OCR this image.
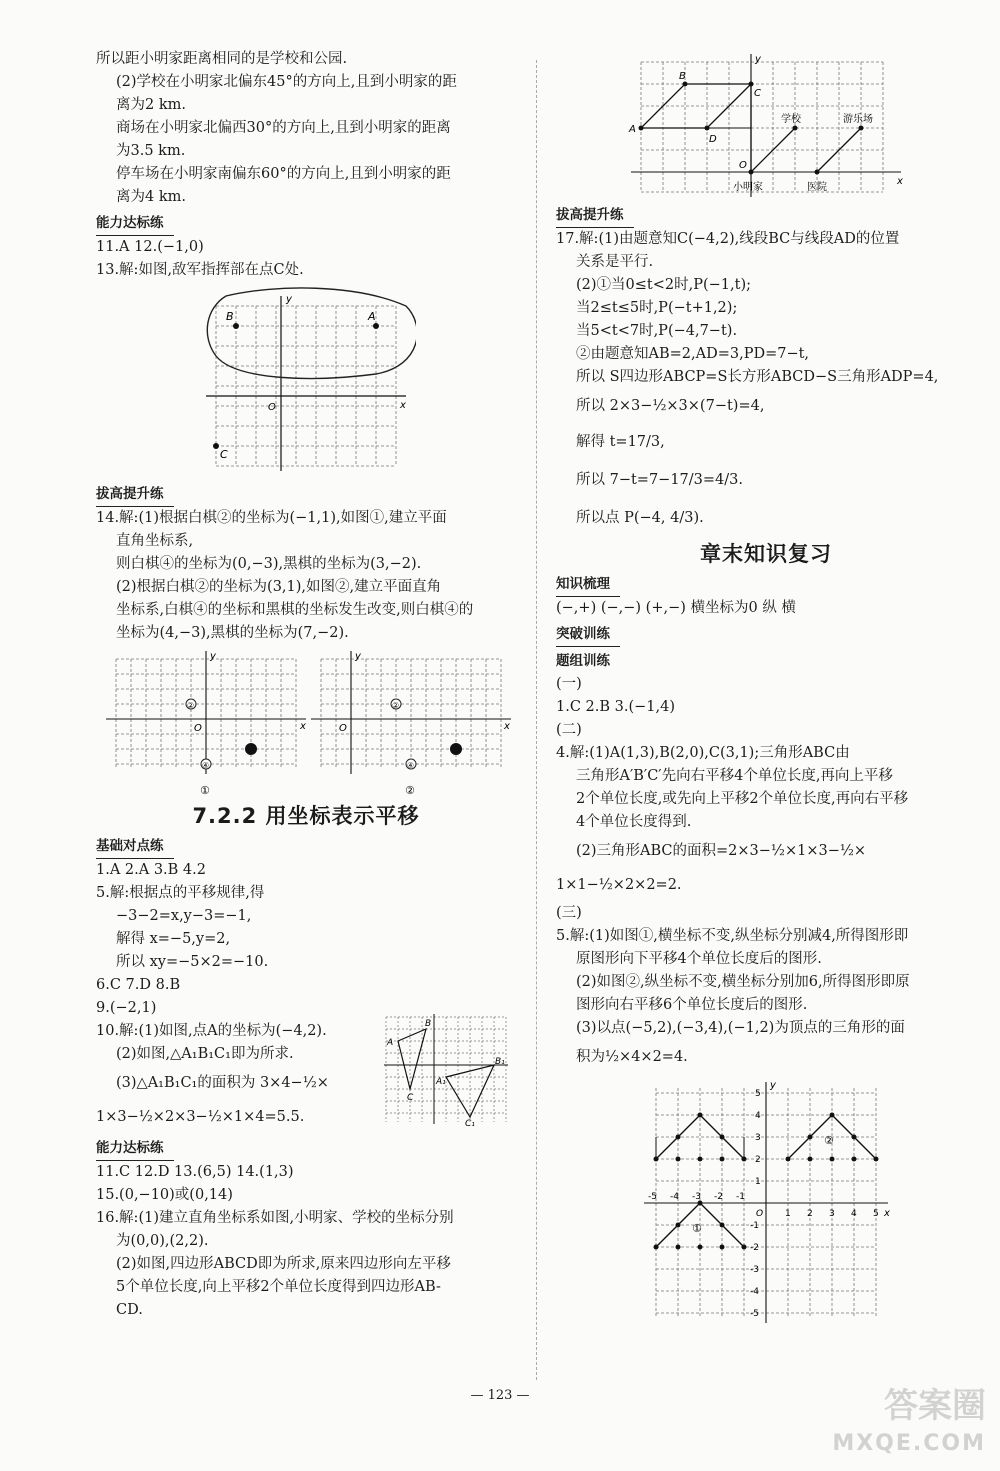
所以距小明家距离相同的是学校和公园.
(2)学校在小明家北偏东45°的方向上,且到小明家的距
离为2 km.
商场在小明家北偏西30°的方向上,且到小明家的距离
为3.5 km.
停车场在小明家南偏东60°的方向上,且到小明家的距
离为4 km.
能力达标练
11.A 12.(−1,0)
13.解:如图,敌军指挥部在点C处.
B	A
C
O
y
x
拔高提升练
14.解:(1)根据白棋②的坐标为(−1,1),如图①,建立平面
直角坐标系,
则白棋④的坐标为(0,−3),黑棋的坐标为(3,−2).
(2)根据白棋②的坐标为(3,1),如图②,建立平面直角
坐标系,白棋④的坐标和黑棋的坐标发生改变,则白棋④的
坐标为(4,−3),黑棋的坐标为(7,−2).
②
④
②
④
O	O
y	y
x	x
①	②
7.2.2 用坐标表示平移
基础对点练
1.A 2.A 3.B 4.2
5.解:根据点的平移规律,得
−3−2=x,y−3=−1,
解得 x=−5,y=2,
所以 xy=−5×2=−10.
6.C 7.D 8.B
9.(−2,1)
10.解:(1)如图,点A的坐标为(−4,2).
(2)如图,△A₁B₁C₁即为所求.
(3)△A₁B₁C₁的面积为 3×4−½×
1×3−½×2×3−½×1×4=5.5.
A
B
C
A₁
B₁
C₁
能力达标练
11.C 12.D 13.(6,5) 14.(1,3)
15.(0,−10)或(0,14)
16.解:(1)建立直角坐标系如图,小明家、学校的坐标分别
为(0,0),(2,2).
(2)如图,四边形ABCD即为所求,原来四边形向左平移
5个单位长度,向上平移2个单位长度得到四边形AB-
CD.
A
B
C
D
O
y
x
学校	游乐场
小明家	医院
拔高提升练
17.解:(1)由题意知C(−4,2),线段BC与线段AD的位置
关系是平行.
(2)①当0≤t<2时,P(−1,t);
当2≤t≤5时,P(−t+1,2);
当5<t<7时,P(−4,7−t).
②由题意知AB=2,AD=3,PD=7−t,
所以 S四边形ABCP=S长方形ABCD−S三角形ADP=4,
所以 2×3−½×3×(7−t)=4,
解得 t=17/3,
所以 7−t=7−17/3=4/3.
所以点 P(−4, 4/3).
章末知识复习
知识梳理
(−,+) (−,−) (+,−) 横坐标为0 纵 横
突破训练
题组训练
(一)
1.C 2.B 3.(−1,4)
(二)
4.解:(1)A(1,3),B(2,0),C(3,1);三角形ABC由
三角形A′B′C′先向右平移4个单位长度,再向上平移
2个单位长度,或先向上平移2个单位长度,再向右平移
4个单位长度得到.
(2)三角形ABC的面积=2×3−½×1×3−½×
1×1−½×2×2=2.
(三)
5.解:(1)如图①,横坐标不变,纵坐标分别减4,所得图形即
原图形向下平移4个单位长度后的图形.
(2)如图②,纵坐标不变,横坐标分别加6,所得图形即原
图形向右平移6个单位长度后的图形.
(3)以点(−5,2),(−3,4),(−1,2)为顶点的三角形的面
积为½×4×2=4.
②
①
y
x
O 1 2 3 4 5
-1
-2
-3
-4
-5
1
2
3
4
5
-1
-2
-3
-4
-5
— 123 —	答案圈
MXQE.COM
